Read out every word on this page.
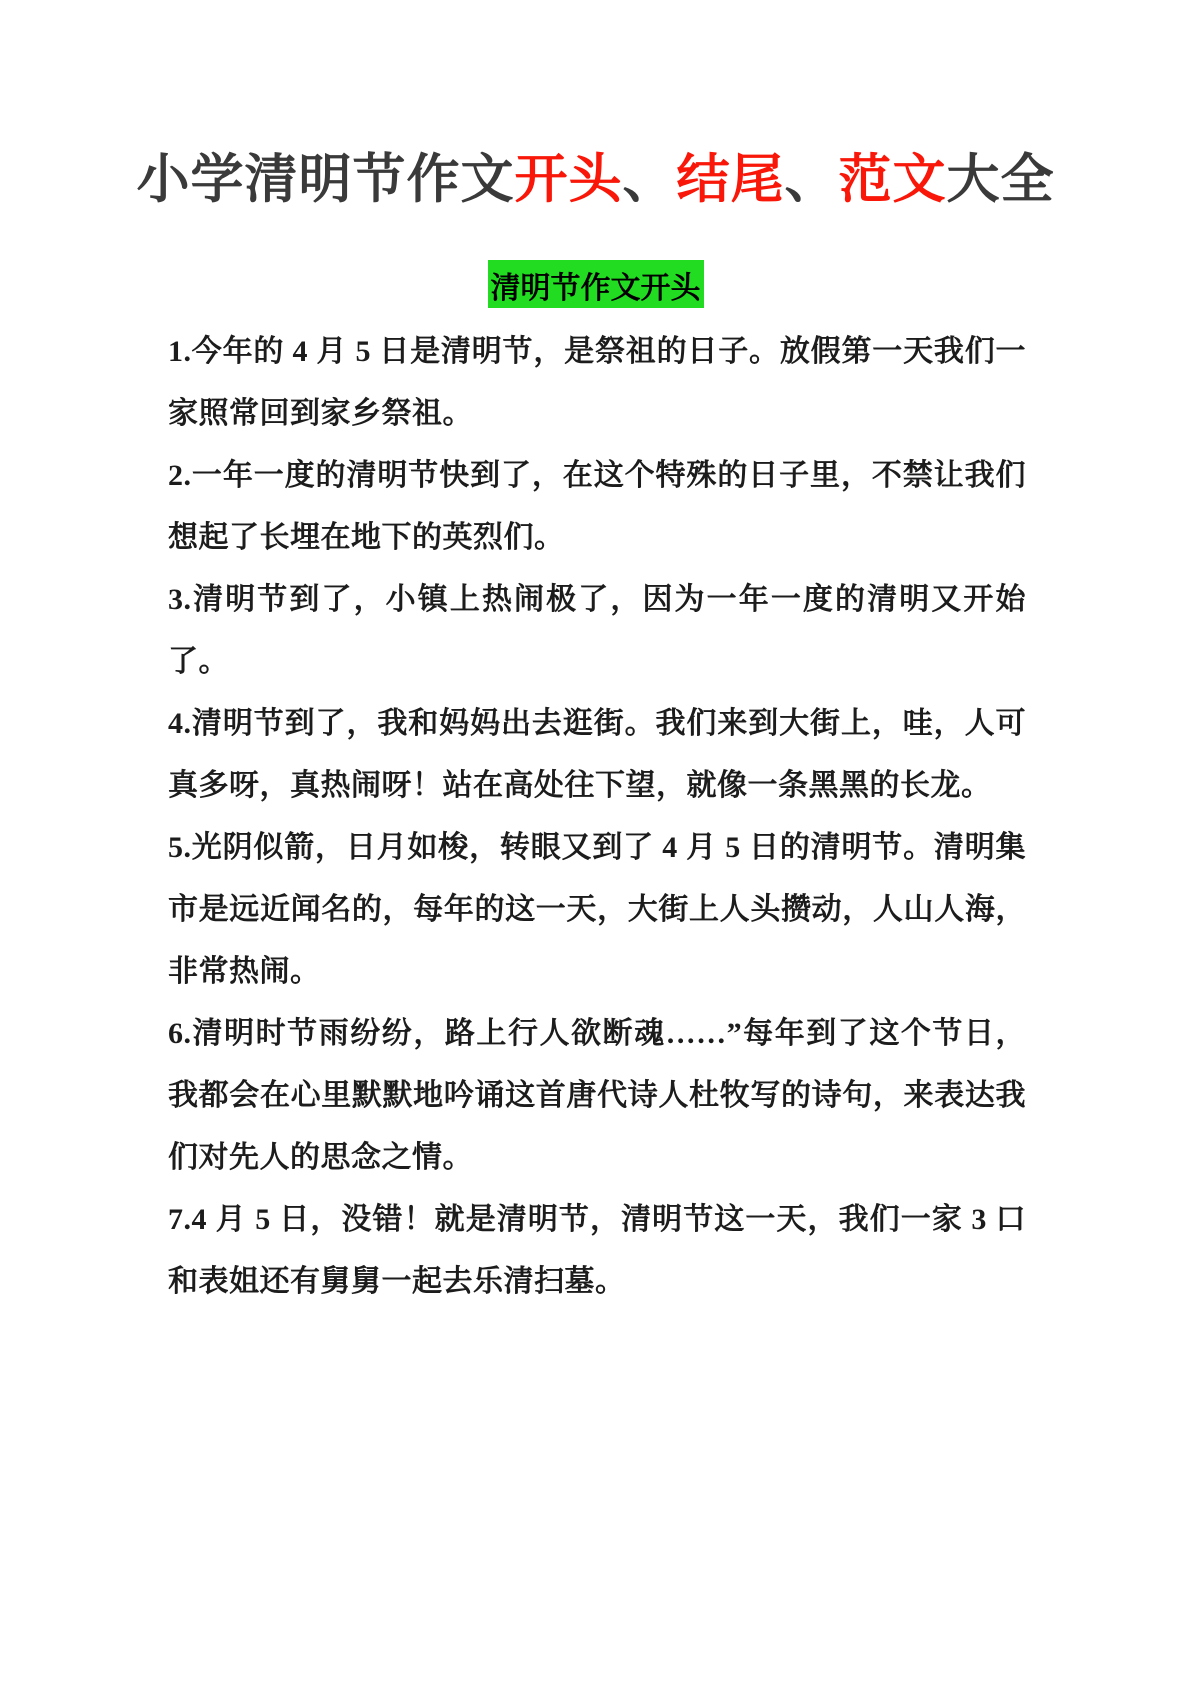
小学清明节作文开头、结尾、范文大全
清明节作文开头

1.今年的 4 月 5 日是清明节，是祭祖的日子。放假第一天我们一家照常回到家乡祭祖。

2.一年一度的清明节快到了，在这个特殊的日子里，不禁让我们想起了长埋在地下的英烈们。

3.清明节到了，小镇上热闹极了，因为一年一度的清明又开始了。

4.清明节到了，我和妈妈出去逛街。我们来到大街上，哇，人可真多呀，真热闹呀！站在高处往下望，就像一条黑黑的长龙。

5.光阴似箭，日月如梭，转眼又到了 4 月 5 日的清明节。清明集市是远近闻名的，每年的这一天，大街上人头攒动，人山人海，非常热闹。

6.清明时节雨纷纷，路上行人欲断魂……”每年到了这个节日，我都会在心里默默地吟诵这首唐代诗人杜牧写的诗句，来表达我们对先人的思念之情。

7.4 月 5 日，没错！就是清明节，清明节这一天，我们一家 3 口和表姐还有舅舅一起去乐清扫墓。
